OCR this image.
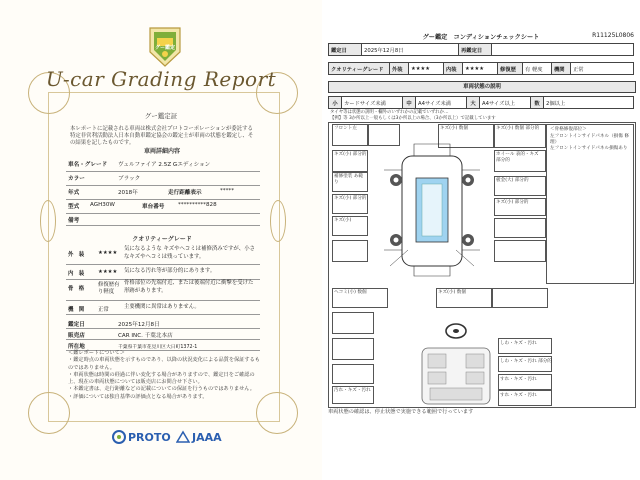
グー鑑定
U-car Grading Report
グー鑑定証
本レポートに記載される車両は株式会社プロトコーポレーションが委託する特定非営利活動法人日本自動車鑑定協会の鑑定士が車両の状態を鑑定し、その結果を記したものです。
車両詳細内容
車名・グレード ヴェルファイア 2.5Z Gエディション
カラー	ブラック
年式	2018年	走行距離表示	*****
型式 AGH30W	車台番号 **********828
備考
クオリティーグレード
外　装	★★★★
気になるような キズやヘコミは補修済みですが、小さなキズやヘコミは残っています。
内　装	★★★★ 気になる汚れ等が部分的にあります。
骨　格
修復歴有り軽度
骨格部位の先端付近、または後端付近に衝撃を受けた形跡があります。
機　関	正常	主要機関に異常はありません。
鑑定日	2025年12月8日
販売店	CAR INC. 千葉北本店
所在地	千葉県千葉市花見川区大日町1372-1
＜鑑レポートについて＞
・鑑定時点の車両状態を示すものであり、以降の状況変化による品質を保証するものではありません。
・車両状態は時間の経過に伴い変化する場合がありますので、鑑定日をご確認の上、現在の車両状態については販売店にお問合せ下さい。
・本鑑定書は、走行距離などの記載についての保証を行うものではありません。
・評価については独自基準の評価点となる場合があります。
PROTO JAAA
グー鑑定　コンディションチェックシート	R11125L0806
鑑定日	2025年12月8日	再鑑定日	
クオリティーグレード	外装	★★★★	内装	★★★★	修復歴	有 軽度	機関	正常
車両状態の説明
小	カードサイズ未満	中	A4サイズ未満	大	A4サイズ以上	数	2個以上
タイヤ等は状態の説明・欄外のいずれかの記載でいずれか…
【例】等 3か所以上一般もしくは3か所以上の場合、（3か所以上）で記載しています
＜骨格修復部位＞
左フロントインサイドパネル（損傷 修理）
左フロントインサイドパネル損傷あり
フロント左	キズ(小) 数個	キズ(小) 数個 部分的
キズ(小) 部分的	ホイール 表的・キズ 部分的
補修塗装 あ範り	板金(大) 部分的
キズ(小) 部分的
キズ(小) 部分的
キズ(小)
ヘコミ(小) 数個	キズ(小) 数個
汚れ・キズ・汚れ
しわ・キズ・汚れ
しわ・キズ・汚れ 部分的
すれ・キズ・汚れ
すれ・キズ・汚れ
車両状態の確認は、停止状態で実施できる範囲で行っています
